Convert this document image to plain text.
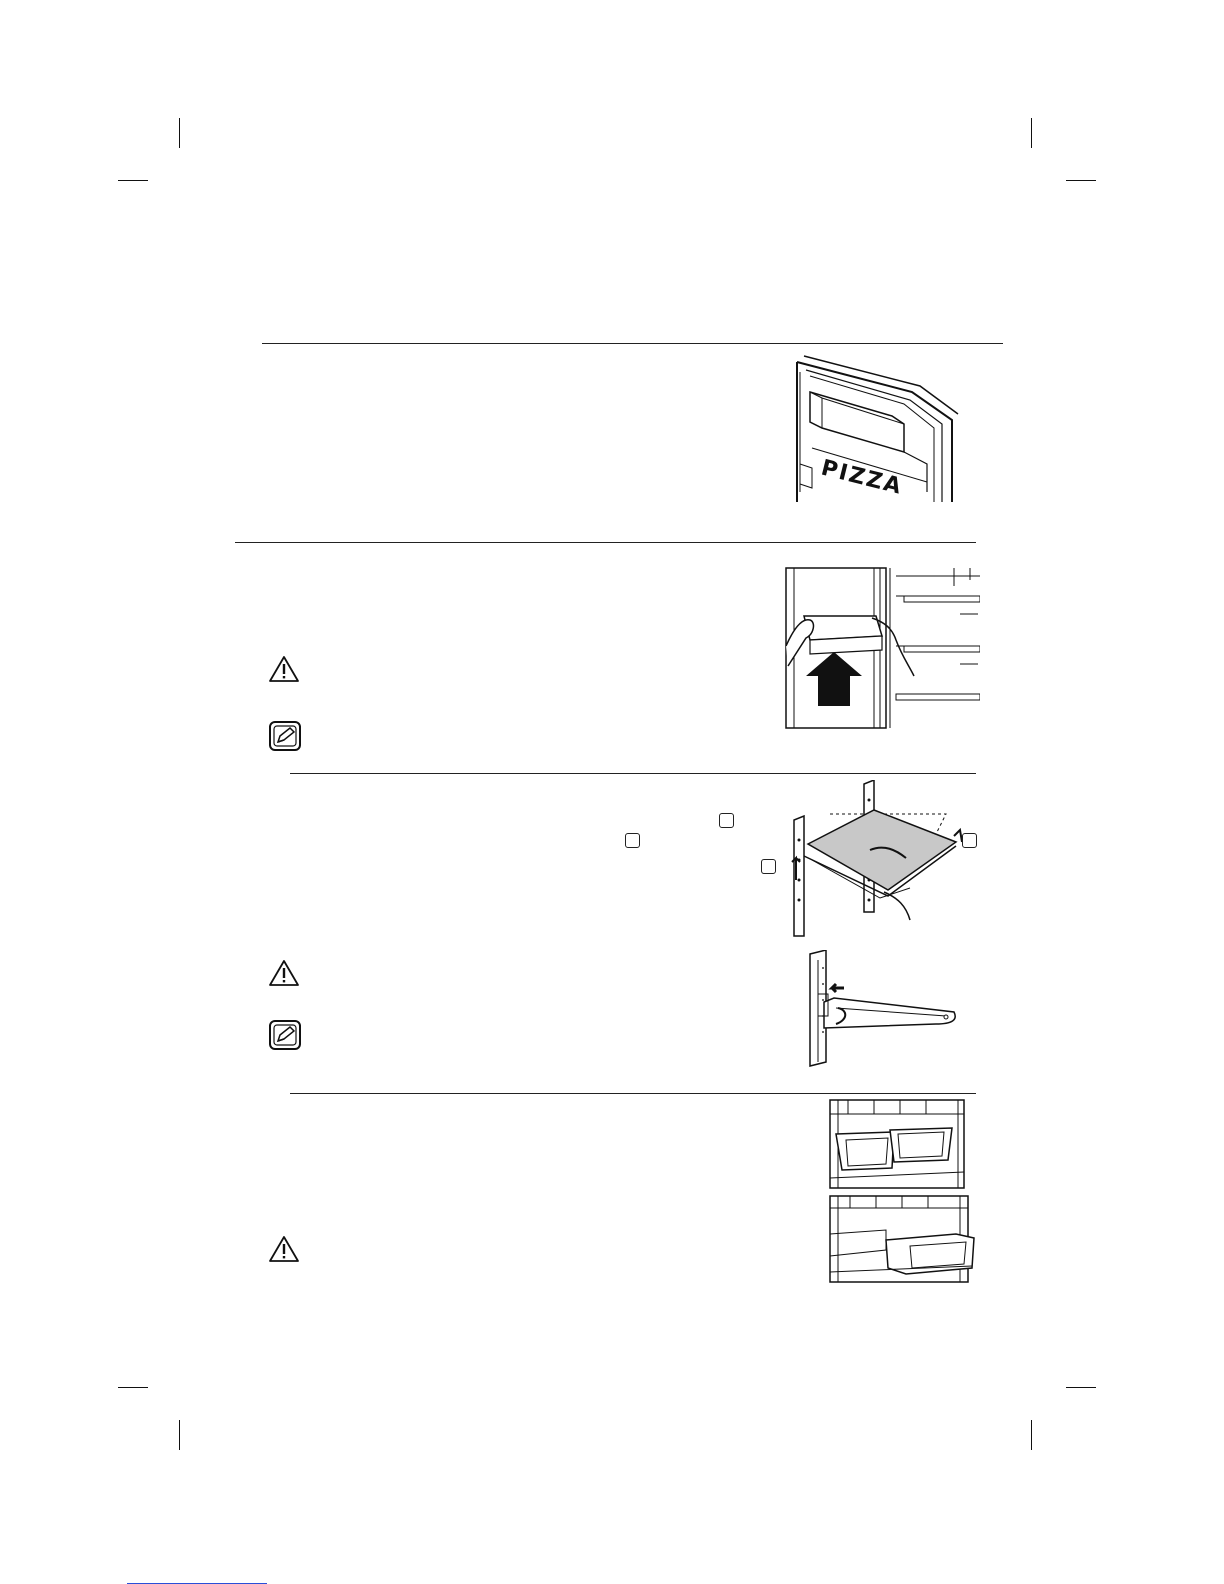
PIZZA
